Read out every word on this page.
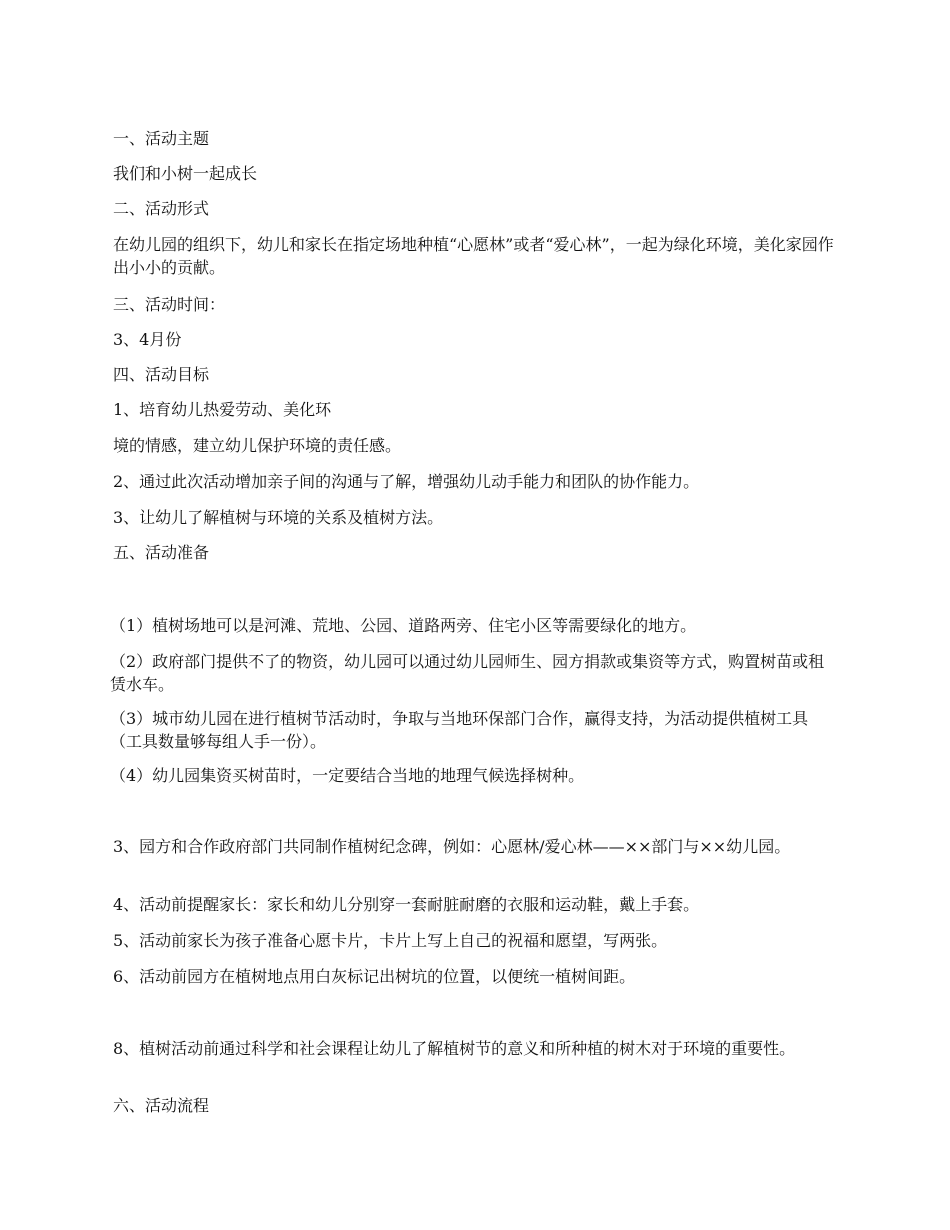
一、活动主题

我们和小树一起成长

二、活动形式

在幼儿园的组织下，幼儿和家长在指定场地种植“心愿林”或者“爱心林”，一起为绿化环境，美化家园作出小小的贡献。

三、活动时间：

3、4月份

四、活动目标

1、培育幼儿热爱劳动、美化环

境的情感，建立幼儿保护环境的责任感。

2、通过此次活动增加亲子间的沟通与了解，增强幼儿动手能力和团队的协作能力。

3、让幼儿了解植树与环境的关系及植树方法。

五、活动准备

（1）植树场地可以是河滩、荒地、公园、道路两旁、住宅小区等需要绿化的地方。

（2）政府部门提供不了的物资，幼儿园可以通过幼儿园师生、园方捐款或集资等方式，购置树苗或租赁水车。

（3）城市幼儿园在进行植树节活动时，争取与当地环保部门合作，赢得支持，为活动提供植树工具（工具数量够每组人手一份）。

（4）幼儿园集资买树苗时，一定要结合当地的地理气候选择树种。

3、园方和合作政府部门共同制作植树纪念碑，例如：心愿林/爱心林——××部门与××幼儿园。

4、活动前提醒家长：家长和幼儿分别穿一套耐脏耐磨的衣服和运动鞋，戴上手套。

5、活动前家长为孩子准备心愿卡片，卡片上写上自己的祝福和愿望，写两张。

6、活动前园方在植树地点用白灰标记出树坑的位置，以便统一植树间距。

8、植树活动前通过科学和社会课程让幼儿了解植树节的意义和所种植的树木对于环境的重要性。

六、活动流程
